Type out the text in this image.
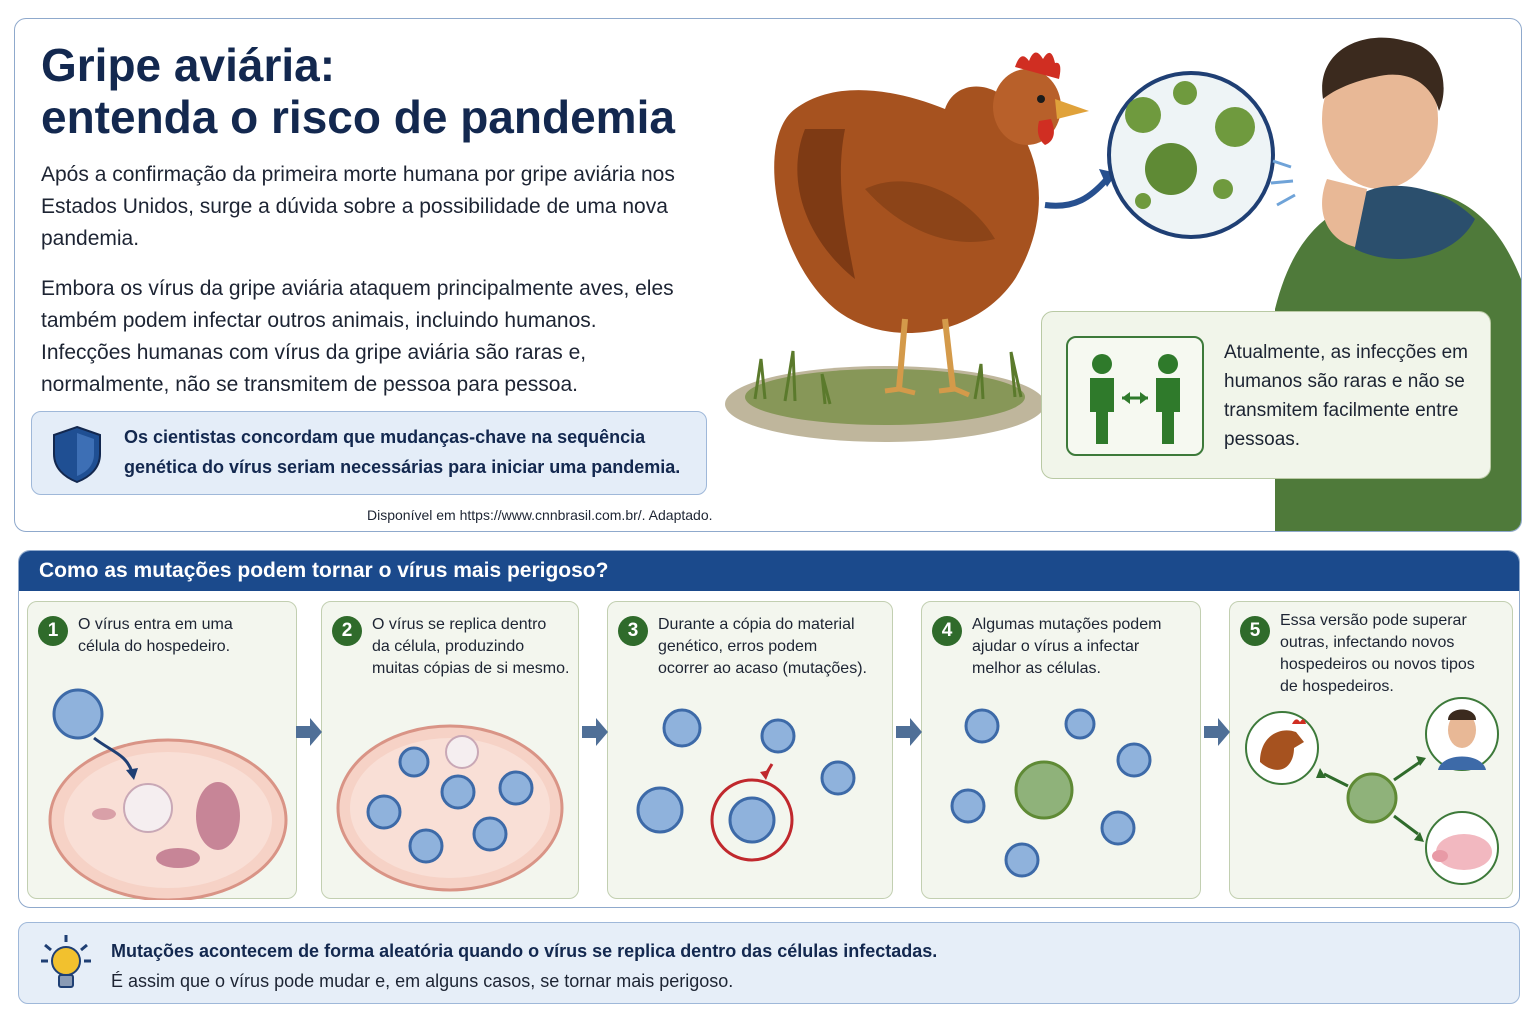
Gripe aviária:
entenda o risco de pandemia

Após a confirmação da primeira morte humana por gripe aviária nos Estados Unidos, surge a dúvida sobre a possibilidade de uma nova pandemia.

Embora os vírus da gripe aviária ataquem principalmente aves, eles também podem infectar outros animais, incluindo humanos. Infecções humanas com vírus da gripe aviária são raras e, normalmente, não se transmitem de pessoa para pessoa.

Os cientistas concordam que mudanças-chave na sequência genética do vírus seriam necessárias para iniciar uma pandemia.
Disponível em https://www.cnnbrasil.com.br/. Adaptado.
Atualmente, as infecções em humanos são raras e não se transmitem facilmente entre pessoas.
Como as mutações podem tornar o vírus mais perigoso?
1	O vírus entra em uma
célula do hospedeiro.
2	O vírus se replica dentro
da célula, produzindo
muitas cópias de si mesmo.
3	Durante a cópia do material
genético, erros podem
ocorrer ao acaso (mutações).
4	Algumas mutações podem
ajudar o vírus a infectar
melhor as células.
5	Essa versão pode superar
outras, infectando novos
hospedeiros ou novos tipos
de hospedeiros.
Mutações acontecem de forma aleatória quando o vírus se replica dentro das células infectadas.
É assim que o vírus pode mudar e, em alguns casos, se tornar mais perigoso.
